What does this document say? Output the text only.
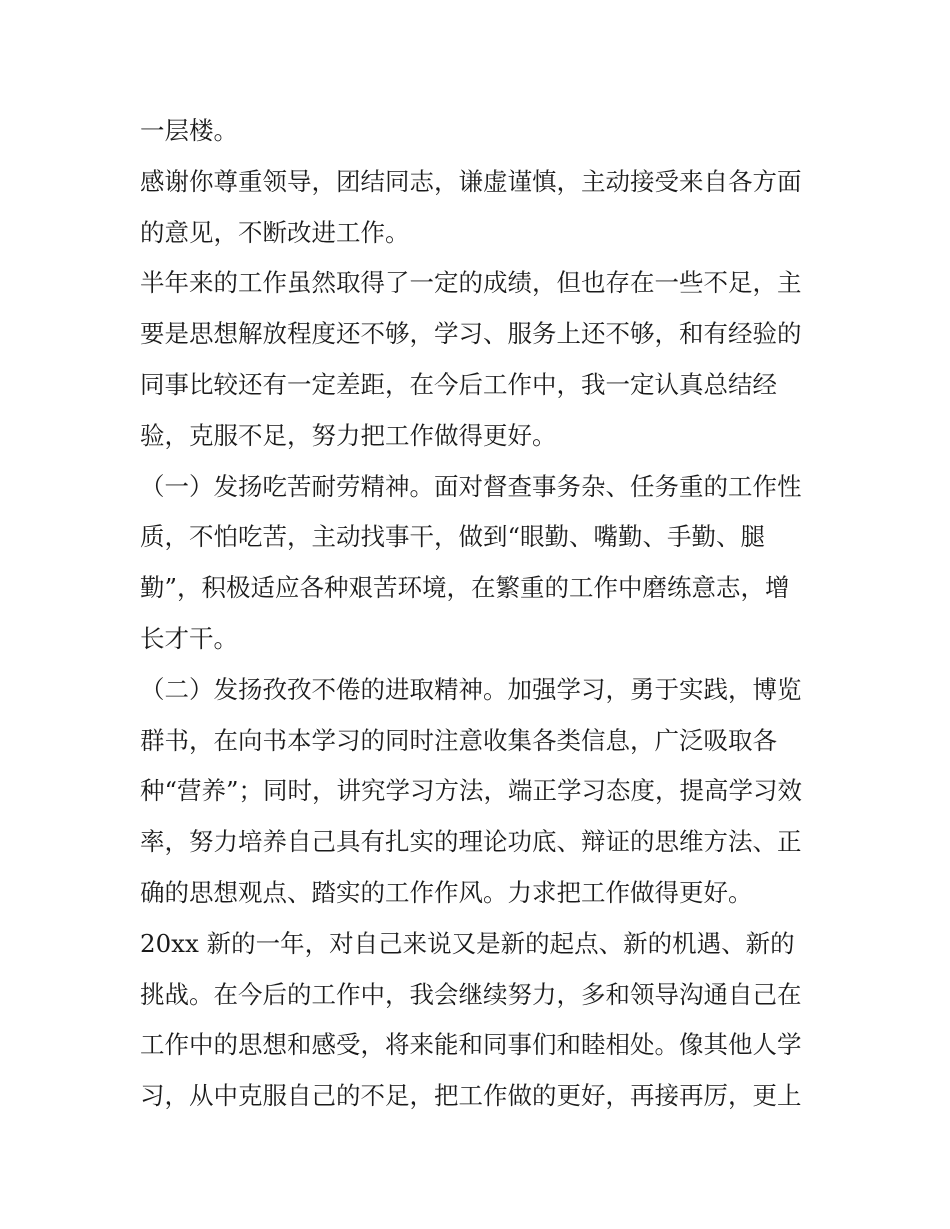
一层楼。
感谢你尊重领导，团结同志，谦虚谨慎，主动接受来自各方面
的意见，不断改进工作。
半年来的工作虽然取得了一定的成绩，但也存在一些不足，主
要是思想解放程度还不够，学习、服务上还不够，和有经验的
同事比较还有一定差距，在今后工作中，我一定认真总结经
验，克服不足，努力把工作做得更好。
（一）发扬吃苦耐劳精神。面对督查事务杂、任务重的工作性
质，不怕吃苦，主动找事干，做到“眼勤、嘴勤、手勤、腿
勤”，积极适应各种艰苦环境，在繁重的工作中磨练意志，增
长才干。
（二）发扬孜孜不倦的进取精神。加强学习，勇于实践，博览
群书，在向书本学习的同时注意收集各类信息，广泛吸取各
种“营养”；同时，讲究学习方法，端正学习态度，提高学习效
率，努力培养自己具有扎实的理论功底、辩证的思维方法、正
确的思想观点、踏实的工作作风。力求把工作做得更好。
20xx 新的一年，对自己来说又是新的起点、新的机遇、新的
挑战。在今后的工作中，我会继续努力，多和领导沟通自己在
工作中的思想和感受，将来能和同事们和睦相处。像其他人学
习，从中克服自己的不足，把工作做的更好，再接再厉，更上
